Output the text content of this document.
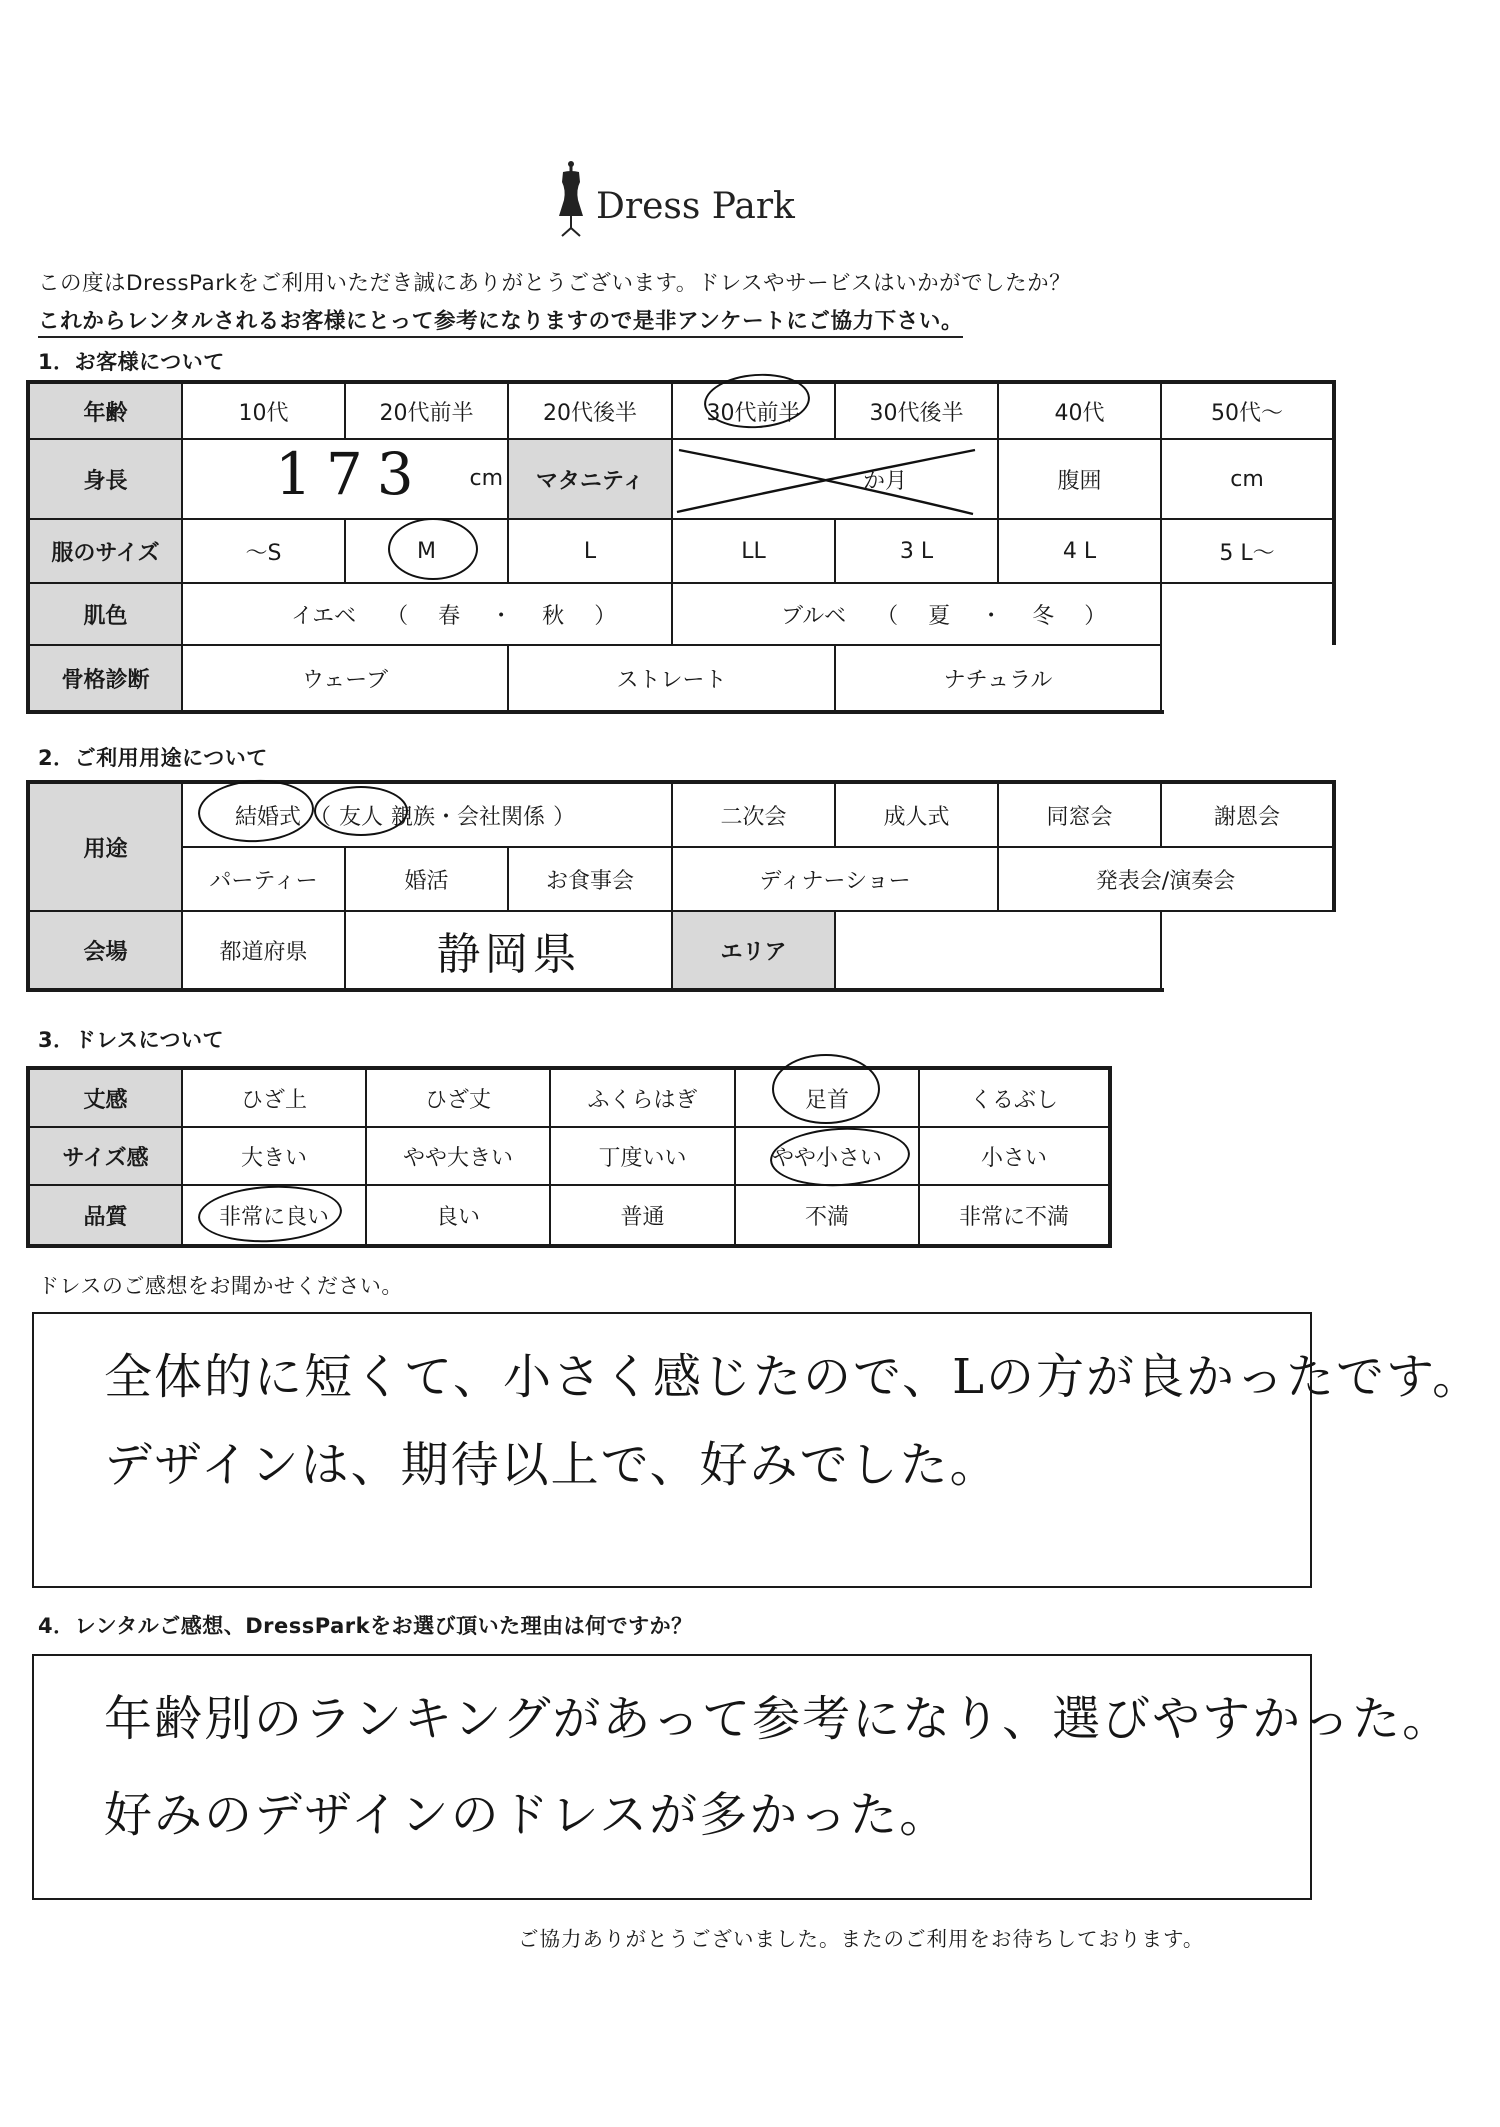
Dress Park
この度はDressParkをご利用いただき誠にありがとうございます。ドレスやサービスはいかがでしたか？
これからレンタルされるお客様にとって参考になりますので是非アンケートにご協力下さい。
1．お客様について
年齢	10代	20代前半	20代後半	30代前半	30代後半	40代	50代～
身長	173 cm	マタニティ	か月	腹囲	cm
服のサイズ	～S	M	L	LL	3 L	4 L	5 L～
肌色	イエベ （ 春 ・ 秋 ）	ブルベ （ 夏 ・ 冬 ）
骨格診断	ウェーブ	ストレート	ナチュラル
2．ご利用用途について
用途
結婚式 （ 友人 親族・会社関係 ）	二次会	成人式	同窓会	謝恩会
パーティー	婚活	お食事会	ディナーショー	発表会/演奏会
会場	都道府県	静岡県	エリア
3．ドレスについて
丈感	ひざ上	ひざ丈	ふくらはぎ	足首	くるぶし
サイズ感	大きい	やや大きい	丁度いい	やや小さい	小さい
品質	非常に良い	良い	普通	不満	非常に不満
ドレスのご感想をお聞かせください。
全体的に短くて、小さく感じたので、Lの方が良かったです。
デザインは、期待以上で、好みでした。
4．レンタルご感想、DressParkをお選び頂いた理由は何ですか？
年齢別のランキングがあって参考になり、選びやすかった。
好みのデザインのドレスが多かった。
ご協力ありがとうございました。またのご利用をお待ちしております。
